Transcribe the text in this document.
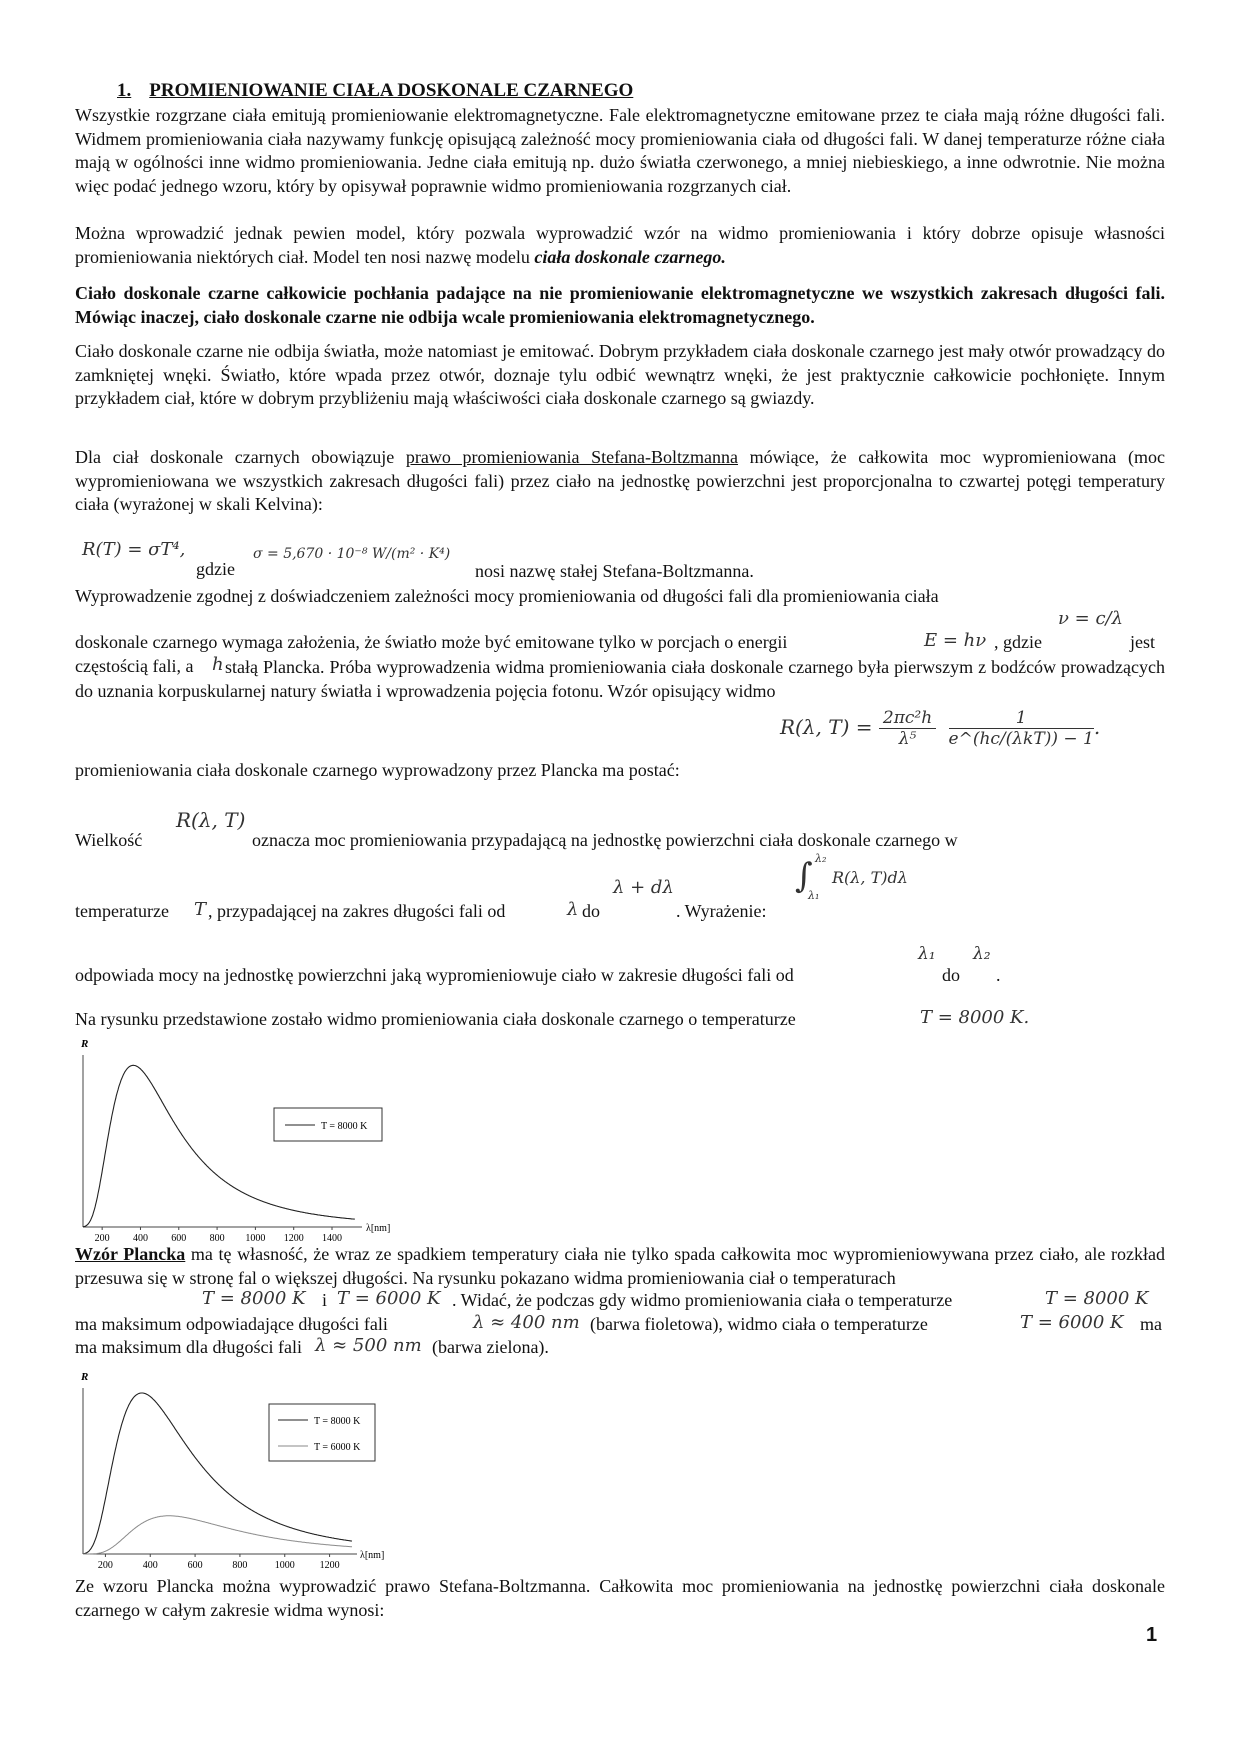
1. PROMIENIOWANIE CIAŁA DOSKONALE CZARNEGO
Wszystkie rozgrzane ciała emitują promieniowanie elektromagnetyczne. Fale elektromagnetyczne emitowane przez te ciała mają różne długości fali. Widmem promieniowania ciała nazywamy funkcję opisującą zależność mocy promieniowania ciała od długości fali. W danej temperaturze różne ciała mają w ogólności inne widmo promieniowania. Jedne ciała emitują np. dużo światła czerwonego, a mniej niebieskiego, a inne odwrotnie. Nie można więc podać jednego wzoru, który by opisywał poprawnie widmo promieniowania rozgrzanych ciał.
Można wprowadzić jednak pewien model, który pozwala wyprowadzić wzór na widmo promieniowania i który dobrze opisuje własności promieniowania niektórych ciał. Model ten nosi nazwę modelu ciała doskonale czarnego.
Ciało doskonale czarne całkowicie pochłania padające na nie promieniowanie elektromagnetyczne we wszystkich zakresach długości fali. Mówiąc inaczej, ciało doskonale czarne nie odbija wcale promieniowania elektromagnetycznego.
Ciało doskonale czarne nie odbija światła, może natomiast je emitować. Dobrym przykładem ciała doskonale czarnego jest mały otwór prowadzący do zamkniętej wnęki. Światło, które wpada przez otwór, doznaje tylu odbić wewnątrz wnęki, że jest praktycznie całkowicie pochłonięte. Innym przykładem ciał, które w dobrym przybliżeniu mają właściwości ciała doskonale czarnego są gwiazdy.
Dla ciał doskonale czarnych obowiązuje prawo promieniowania Stefana-Boltzmanna mówiące, że całkowita moc wypromieniowana (moc wypromieniowana we wszystkich zakresach długości fali) przez ciało na jednostkę powierzchni jest proporcjonalna to czwartej potęgi temperatury ciała (wyrażonej w skali Kelvina):
R(T) = σT⁴,
gdzie
σ = 5,670 · 10⁻⁸ W/(m² · K⁴)
nosi nazwę stałej Stefana-Boltzmanna.
Wyprowadzenie zgodnej z doświadczeniem zależności mocy promieniowania od długości fali dla promieniowania ciała
ν = c/λ
doskonale czarnego wymaga założenia, że światło może być emitowane tylko w porcjach o energii	E = hν , gdzie	jest
stałą Plancka. Próba wyprowadzenia widma promieniowania ciała doskonale czarnego była pierwszym z bodźców prowadzących do uznania korpuskularnej natury światła i wprowadzenia pojęcia fotonu. Wzór opisujący widmo
częstością fali, a h
R(λ, $T) = \frac{\text{2πc²h}}{\text{λ⁵}}$
$\frac{1}{\text{e\textasciicircum{}(hc/(λkT)) − 1}}$ .
promieniowania ciała doskonale czarnego wyprowadzony przez Plancka ma postać:
R(λ, T)
Wielkość	oznacza moc promieniowania przypadającą na jednostkę powierzchni ciała doskonale czarnego w
temperaturze T , przypadającej na zakres długości fali od	λ do
λ + dλ
. Wyrażenie:
∫ λ₂
λ₁
R(λ, T)dλ
odpowiada mocy na jednostkę powierzchni jaką wypromieniowuje ciało w zakresie długości fali od
λ₁
do
λ₂
.
Na rysunku przedstawione zostało widmo promieniowania ciała doskonale czarnego o temperaturze	T = 8000 K.
R
200 400 600 800 1000 1200 1400
λ[nm]
T = 8000 K
Wzór Plancka ma tę własność, że wraz ze spadkiem temperatury ciała nie tylko spada całkowita moc wypromieniowywana przez ciało, ale rozkład przesuwa się w stronę fal o większej długości. Na rysunku pokazano widma promieniowania ciał o temperaturach
T = 8000 K i T = 6000 K . Widać, że podczas gdy widmo promieniowania ciała o temperaturze	T = 8000 K
ma maksimum odpowiadające długości fali	λ ≈ 400 nm (barwa fioletowa), widmo ciała o temperaturze	T = 6000 K ma
ma maksimum dla długości fali λ ≈ 500 nm (barwa zielona).
R
200	400	600	800	1000 1200
λ[nm]
T = 8000 K
T = 6000 K
Ze wzoru Plancka można wyprowadzić prawo Stefana-Boltzmanna. Całkowita moc promieniowania na jednostkę powierzchni ciała doskonale czarnego w całym zakresie widma wynosi:
1
